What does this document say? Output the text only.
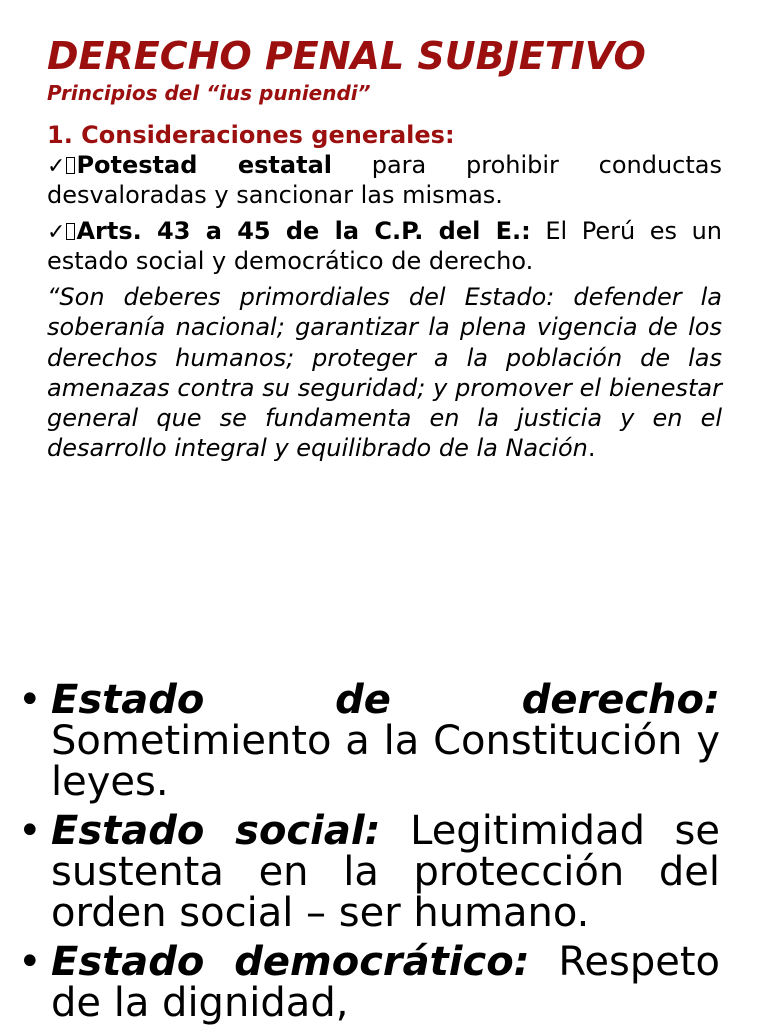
DERECHO PENAL SUBJETIVO
Principios del “ius puniendi”
1. Consideraciones generales:

✓ Potestad estatal para prohibir conductas desvaloradas y sancionar las mismas.

✓ Arts. 43 a 45 de la C.P. del E.: El Perú es un estado social y democrático de derecho.

“Son deberes primordiales del Estado: defender la soberanía nacional; garantizar la plena vigencia de los derechos humanos; proteger a la población de las amenazas contra su seguridad; y promover el bienestar general que se fundamenta en la justicia y en el desarrollo integral y equilibrado de la Nación.

• Estado de derecho: Sometimiento a la Constitución y leyes.
• Estado social: Legitimidad se sustenta en la protección del orden social – ser humano.
• Estado democrático: Respeto de la dignidad,
